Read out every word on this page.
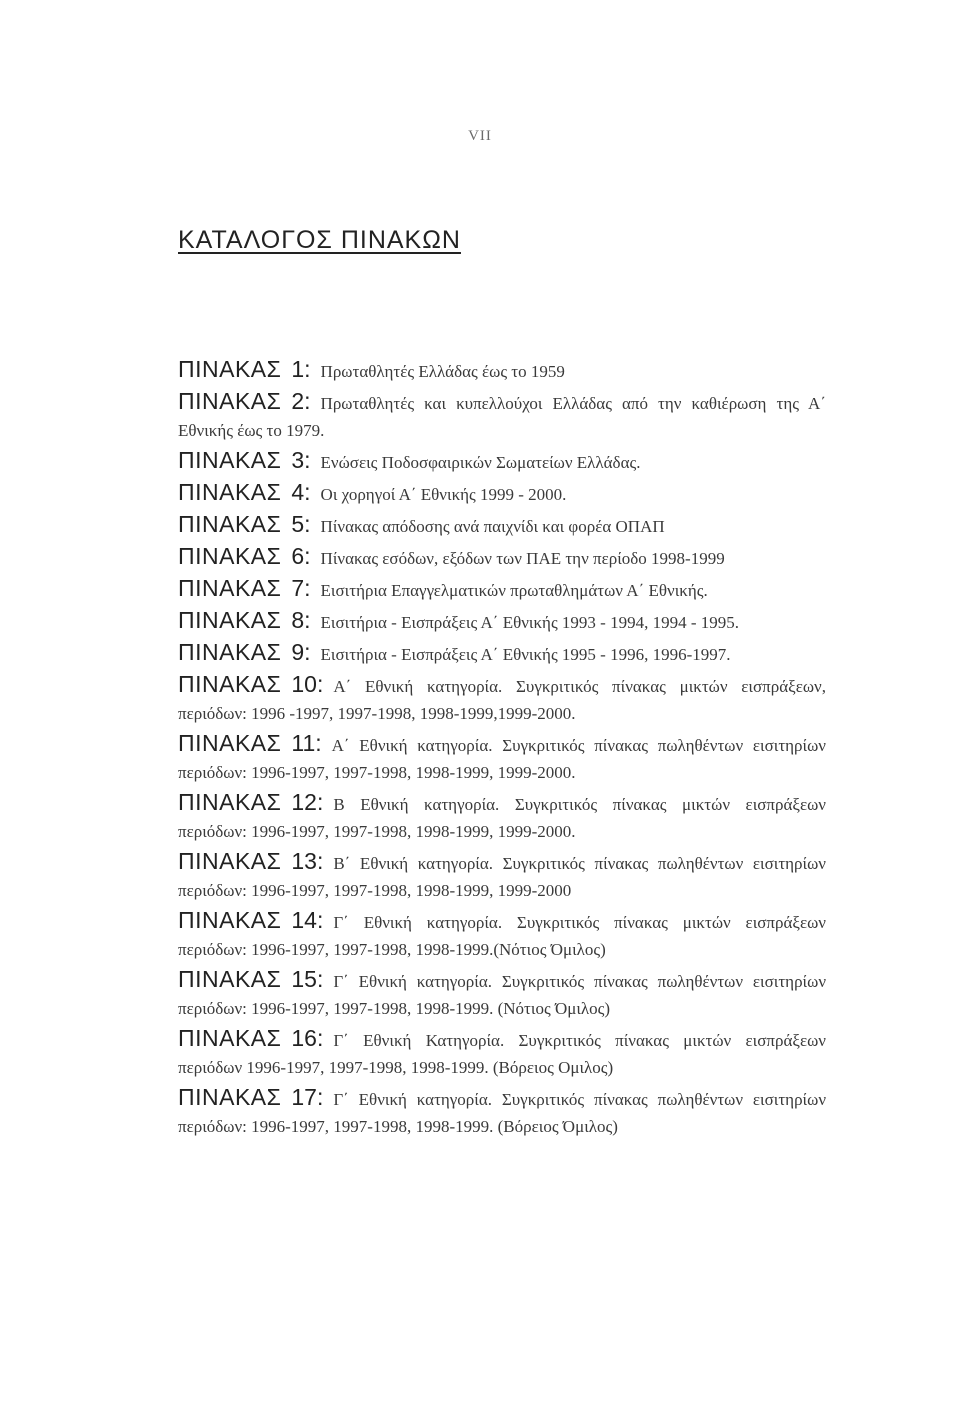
VII
ΚΑΤΑΛΟΓΟΣ ΠΙΝΑΚΩΝ

ΠΙΝΑΚΑΣ 1: Πρωταθλητές Ελλάδας έως το 1959

ΠΙΝΑΚΑΣ 2: Πρωταθλητές και κυπελλούχοι Ελλάδας από την καθιέρωση της Α΄ Εθνικής έως το 1979.

ΠΙΝΑΚΑΣ 3: Ενώσεις Ποδοσφαιρικών Σωματείων Ελλάδας.

ΠΙΝΑΚΑΣ 4: Οι χορηγοί Α΄ Εθνικής 1999 - 2000.

ΠΙΝΑΚΑΣ 5: Πίνακας απόδοσης ανά παιχνίδι και φορέα ΟΠΑΠ

ΠΙΝΑΚΑΣ 6: Πίνακας εσόδων, εξόδων των ΠΑΕ την περίοδο 1998-1999

ΠΙΝΑΚΑΣ 7: Εισιτήρια Επαγγελματικών πρωταθλημάτων Α΄ Εθνικής.

ΠΙΝΑΚΑΣ 8: Εισιτήρια - Εισπράξεις Α΄ Εθνικής 1993 - 1994, 1994 - 1995.

ΠΙΝΑΚΑΣ 9: Εισιτήρια - Εισπράξεις Α΄ Εθνικής 1995 - 1996, 1996-1997.

ΠΙΝΑΚΑΣ 10: Α΄ Εθνική κατηγορία. Συγκριτικός πίνακας μικτών εισπράξεων, περιόδων: 1996 -1997, 1997-1998, 1998-1999,1999-2000.

ΠΙΝΑΚΑΣ 11: Α΄ Εθνική κατηγορία. Συγκριτικός πίνακας πωληθέντων εισιτηρίων περιόδων: 1996-1997, 1997-1998, 1998-1999, 1999-2000.

ΠΙΝΑΚΑΣ 12: Β Εθνική κατηγορία. Συγκριτικός πίνακας μικτών εισπράξεων περιόδων: 1996-1997, 1997-1998, 1998-1999, 1999-2000.

ΠΙΝΑΚΑΣ 13: Β΄ Εθνική κατηγορία. Συγκριτικός πίνακας πωληθέντων εισιτηρίων περιόδων: 1996-1997, 1997-1998, 1998-1999, 1999-2000

ΠΙΝΑΚΑΣ 14: Γ΄ Εθνική κατηγορία. Συγκριτικός πίνακας μικτών εισπράξεων περιόδων: 1996-1997, 1997-1998, 1998-1999.(Νότιος Όμιλος)

ΠΙΝΑΚΑΣ 15: Γ΄ Εθνική κατηγορία. Συγκριτικός πίνακας πωληθέντων εισιτηρίων περιόδων: 1996-1997, 1997-1998, 1998-1999. (Νότιος Όμιλος)

ΠΙΝΑΚΑΣ 16: Γ΄ Εθνική Κατηγορία. Συγκριτικός πίνακας μικτών εισπράξεων περιόδων 1996-1997, 1997-1998, 1998-1999. (Βόρειος Ομιλος)

ΠΙΝΑΚΑΣ 17: Γ΄ Εθνική κατηγορία. Συγκριτικός πίνακας πωληθέντων εισιτηρίων περιόδων: 1996-1997, 1997-1998, 1998-1999. (Βόρειος Όμιλος)
